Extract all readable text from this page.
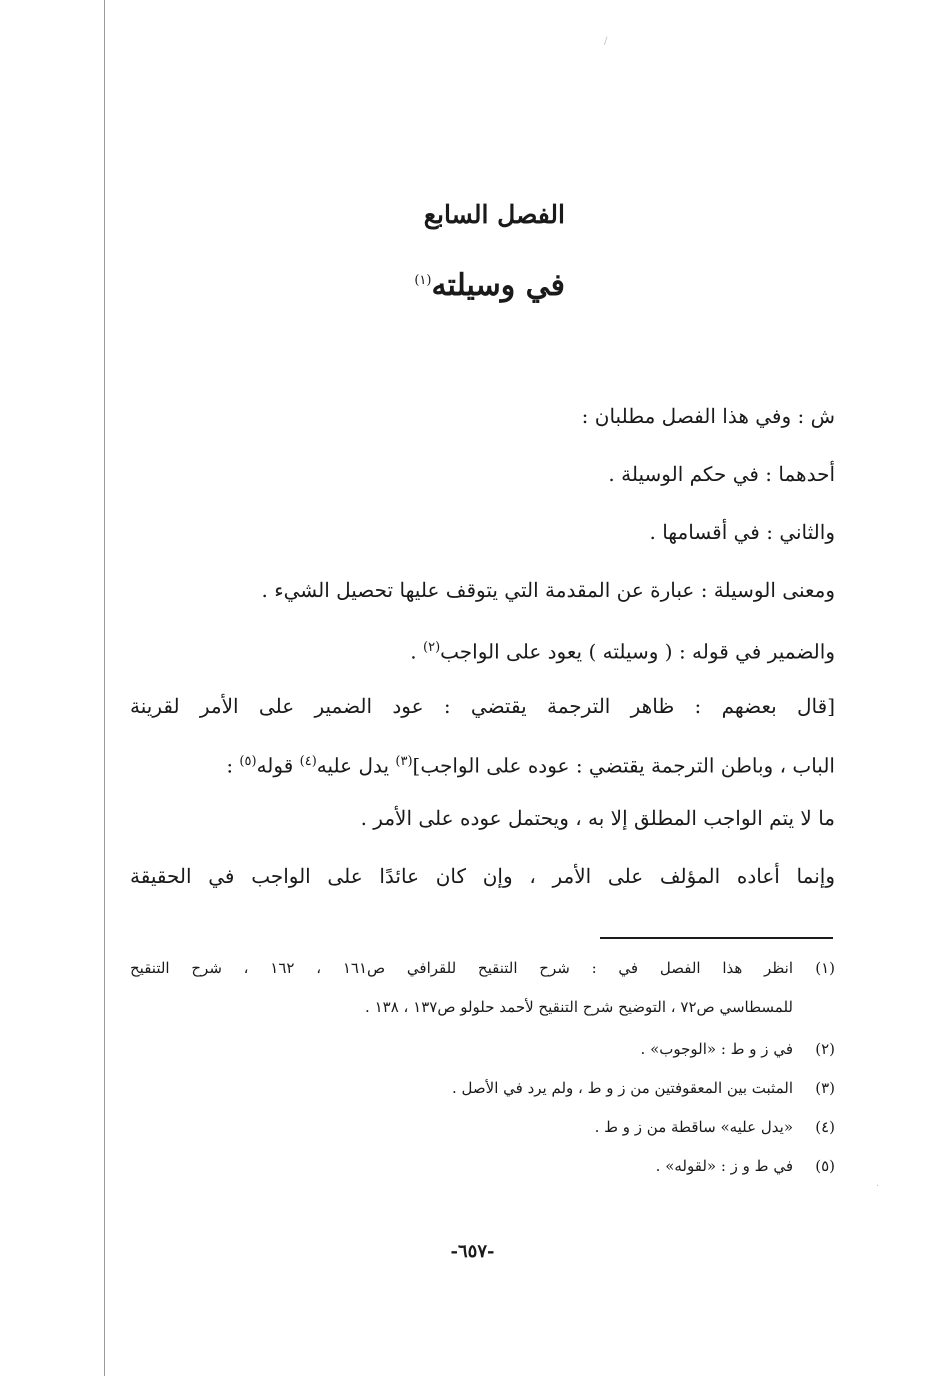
/
.
الفصل السابع
في وسيلته$^{(١)}$
ش : وفي هذا الفصل مطلبان :
أحدهما : في حكم الوسيلة .
والثاني : في أقسامها .
ومعنى الوسيلة : عبارة عن المقدمة التي يتوقف عليها تحصيل الشيء .
والضمير في قوله : ( وسيلته ) يعود على الواجب$^{(٢)}$ .
[قال بعضهم : ظاهر الترجمة يقتضي : عود الضمير على الأمر لقرينة
الباب ، وباطن الترجمة يقتضي : عوده على الواجب]$^{(٣)}$ يدل عليه$^{(٤)}$ قوله$^{(٥)}$ :
ما لا يتم الواجب المطلق إلا به ، ويحتمل عوده على الأمر .
وإنما أعاده المؤلف على الأمر ، وإن كان عائدًا على الواجب في الحقيقة
(١)انظر هذا الفصل في : شرح التنقيح للقرافي ص١٦١ ، ١٦٢ ، شرح التنقيح
للمسطاسي ص٧٢ ، التوضيح شرح التنقيح لأحمد حلولو ص١٣٧ ، ١٣٨ .
(٢)في ز و ط : «الوجوب» .
(٣)المثبت بين المعقوفتين من ز و ط ، ولم يرد في الأصل .
(٤)«يدل عليه» ساقطة من ز و ط .
(٥)في ط و ز : «لقوله» .
-٦٥٧-
